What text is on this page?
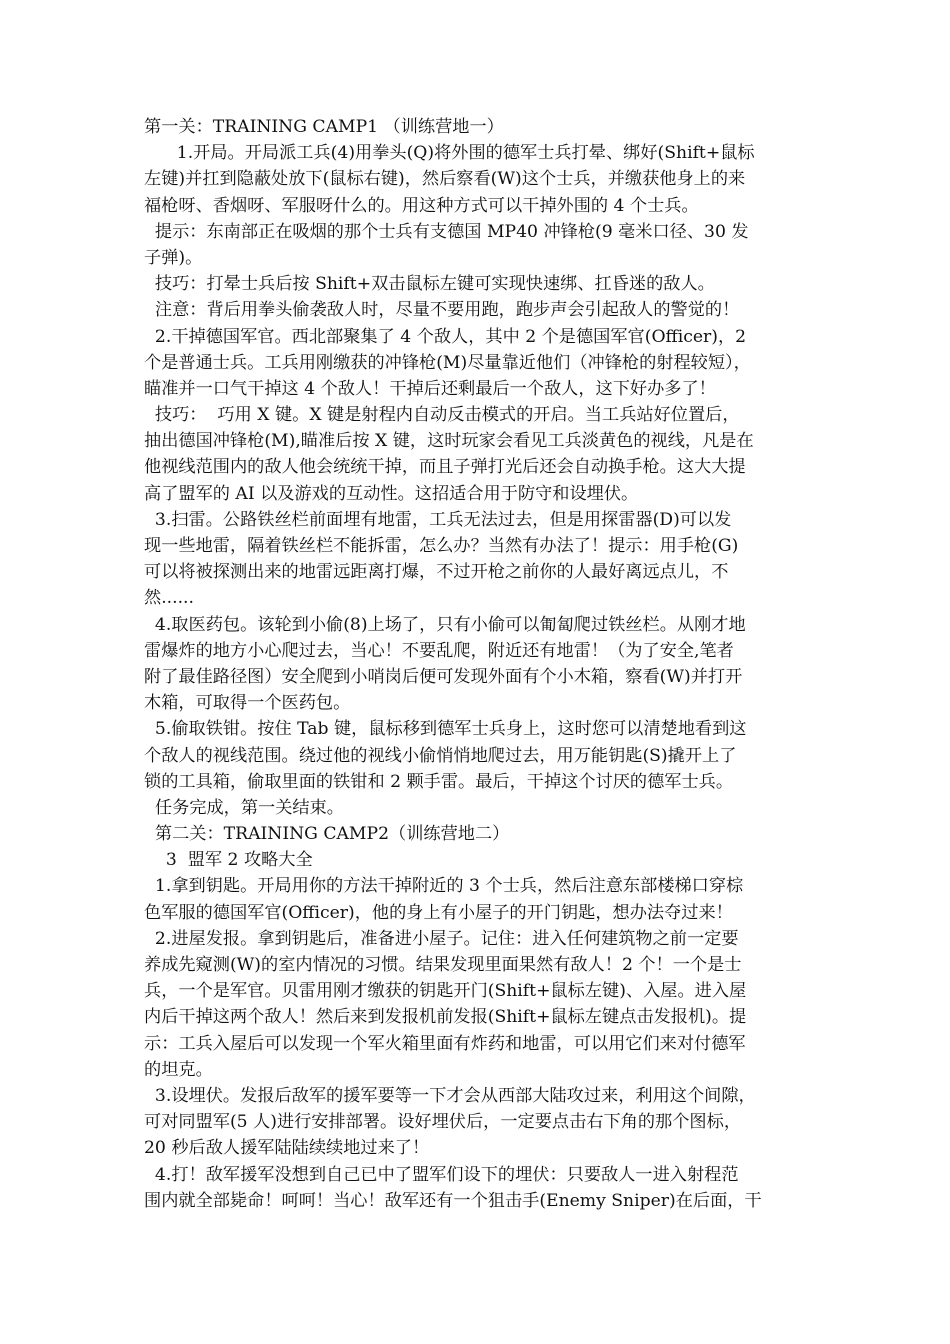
第一关：TRAINING CAMP1 （训练营地一）
1.开局。开局派工兵(4)用拳头(Q)将外围的德军士兵打晕、绑好(Shift+鼠标
左键)并扛到隐蔽处放下(鼠标右键)，然后察看(W)这个士兵，并缴获他身上的来
福枪呀、香烟呀、军服呀什么的。用这种方式可以干掉外围的 4 个士兵。
提示：东南部正在吸烟的那个士兵有支德国 MP40 冲锋枪(9 毫米口径、30 发
子弹)。
技巧：打晕士兵后按 Shift+双击鼠标左键可实现快速绑、扛昏迷的敌人。
注意：背后用拳头偷袭敌人时，尽量不要用跑，跑步声会引起敌人的警觉的！
2.干掉德国军官。西北部聚集了 4 个敌人，其中 2 个是德国军官(Officer)，2
个是普通士兵。工兵用刚缴获的冲锋枪(M)尽量靠近他们（冲锋枪的射程较短），
瞄准并一口气干掉这 4 个敌人！干掉后还剩最后一个敌人，这下好办多了！
技巧：  巧用 X 键。X 键是射程内自动反击模式的开启。当工兵站好位置后，
抽出德国冲锋枪(M),瞄准后按 X 键，这时玩家会看见工兵淡黄色的视线，凡是在
他视线范围内的敌人他会统统干掉，而且子弹打光后还会自动换手枪。这大大提
高了盟军的 AI 以及游戏的互动性。这招适合用于防守和设埋伏。
3.扫雷。公路铁丝栏前面埋有地雷，工兵无法过去，但是用探雷器(D)可以发
现一些地雷，隔着铁丝栏不能拆雷，怎么办？当然有办法了！提示：用手枪(G)
可以将被探测出来的地雷远距离打爆，不过开枪之前你的人最好离远点儿，不
然......
4.取医药包。该轮到小偷(8)上场了，只有小偷可以匍匐爬过铁丝栏。从刚才地
雷爆炸的地方小心爬过去，当心！不要乱爬，附近还有地雷！（为了安全,笔者
附了最佳路径图）安全爬到小哨岗后便可发现外面有个小木箱，察看(W)并打开
木箱，可取得一个医药包。
5.偷取铁钳。按住 Tab 键，鼠标移到德军士兵身上，这时您可以清楚地看到这
个敌人的视线范围。绕过他的视线小偷悄悄地爬过去，用万能钥匙(S)撬开上了
锁的工具箱，偷取里面的铁钳和 2 颗手雷。最后，干掉这个讨厌的德军士兵。
任务完成，第一关结束。
第二关：TRAINING CAMP2（训练营地二）
3  盟军 2 攻略大全
1.拿到钥匙。开局用你的方法干掉附近的 3 个士兵，然后注意东部楼梯口穿棕
色军服的德国军官(Officer)，他的身上有小屋子的开门钥匙，想办法夺过来！
2.进屋发报。拿到钥匙后，准备进小屋子。记住：进入任何建筑物之前一定要
养成先窥测(W)的室内情况的习惯。结果发现里面果然有敌人！2 个！一个是士
兵，一个是军官。贝雷用刚才缴获的钥匙开门(Shift+鼠标左键)、入屋。进入屋
内后干掉这两个敌人！然后来到发报机前发报(Shift+鼠标左键点击发报机)。提
示：工兵入屋后可以发现一个军火箱里面有炸药和地雷，可以用它们来对付德军
的坦克。
3.设埋伏。发报后敌军的援军要等一下才会从西部大陆攻过来，利用这个间隙，
可对同盟军(5 人)进行安排部署。设好埋伏后，一定要点击右下角的那个图标，
20 秒后敌人援军陆陆续续地过来了！
4.打！敌军援军没想到自己已中了盟军们设下的埋伏：只要敌人一进入射程范
围内就全部毙命！呵呵！当心！敌军还有一个狙击手(Enemy Sniper)在后面，干
